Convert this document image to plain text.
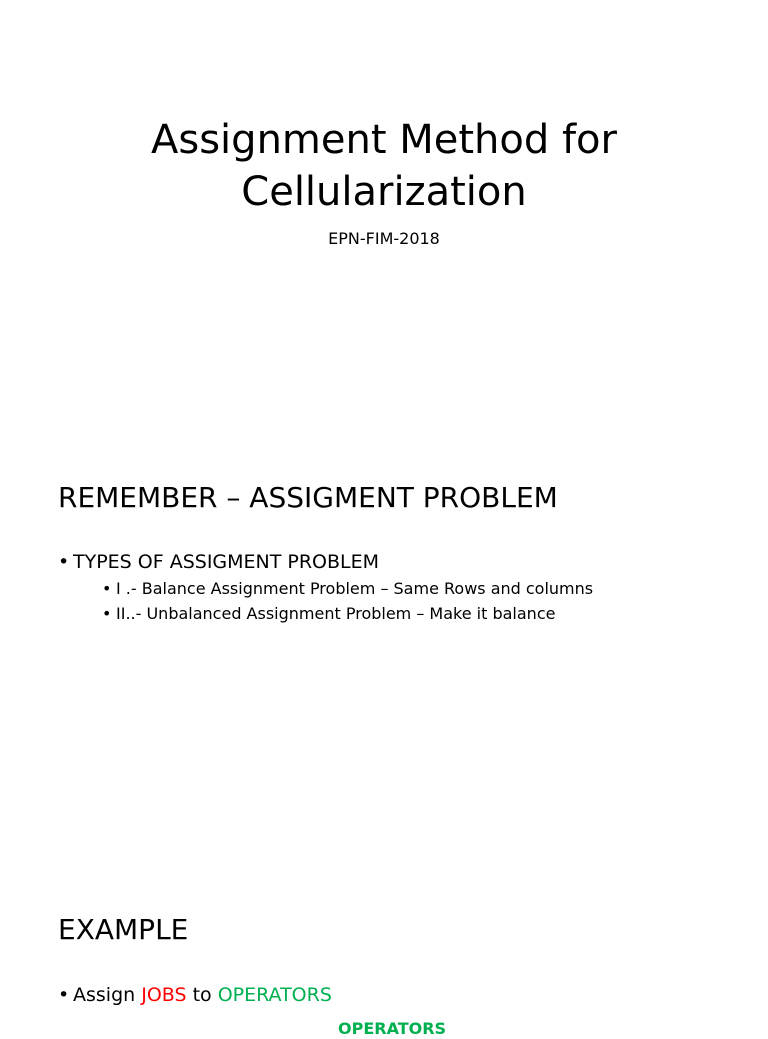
Assignment Method for
Cellularization
EPN-FIM-2018
REMEMBER – ASSIGMENT PROBLEM
• TYPES OF ASSIGMENT PROBLEM
• I .- Balance Assignment Problem – Same Rows and columns
• II..- Unbalanced Assignment Problem – Make it balance
EXAMPLE
• Assign JOBS to OPERATORS
OPERATORS
